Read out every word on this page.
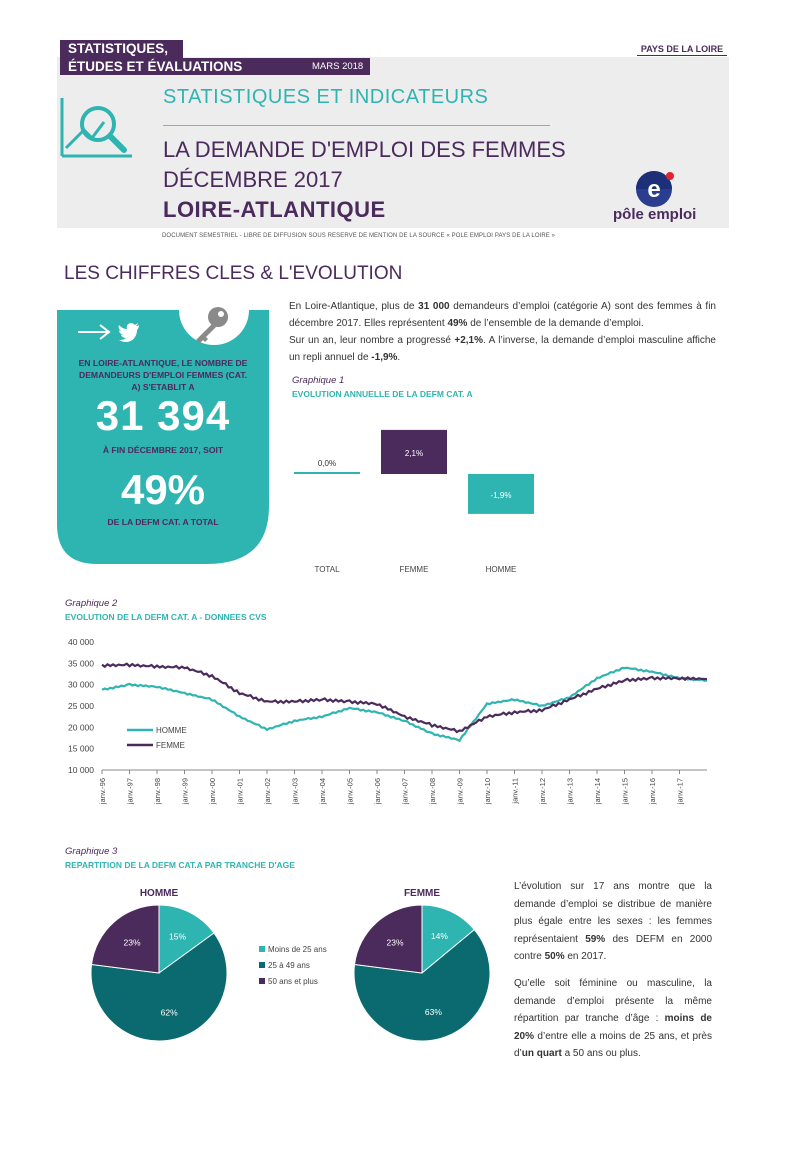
STATISTIQUES,
ÉTUDES ET ÉVALUATIONS	MARS 2018
PAYS DE LA LOIRE
STATISTIQUES ET INDICATEURS
LA DEMANDE D'EMPLOI DES FEMMES
DÉCEMBRE 2017
LOIRE-ATLANTIQUE
e
pôle emploi
DOCUMENT SEMESTRIEL - LIBRE DE DIFFUSION SOUS RESERVE DE MENTION DE LA SOURCE « POLE EMPLOI PAYS DE LA LOIRE »
LES CHIFFRES CLES & L'EVOLUTION
EN LOIRE-ATLANTIQUE, LE NOMBRE DE DEMANDEURS D'EMPLOI FEMMES (CAT. A) S'ETABLIT A
31 394
À FIN DÉCEMBRE 2017, SOIT
49%
DE LA DEFM CAT. A TOTAL
En Loire-Atlantique, plus de 31 000 demandeurs d’emploi (catégorie A) sont des femmes à fin décembre 2017. Elles représentent 49% de l’ensemble de la demande d’emploi.
Sur un an, leur nombre a progressé +2,1%. A l’inverse, la demande d’emploi masculine affiche un repli annuel de -1,9%.
Graphique 1
EVOLUTION ANNUELLE DE LA DEFM CAT. A
0,0%
TOTAL
2,1%
FEMME
-1,9%
HOMME
Graphique 2
EVOLUTION DE LA DEFM CAT. A - DONNEES CVS
10 000
15 000
20 000
25 000
30 000
35 000
40 000
janv.-96 janv.-97 janv.-98 janv.-99 janv.-00 janv.-01 janv.-02 janv.-03 janv.-04 janv.-05 janv.-06 janv.-07 janv.-08 janv.-09 janv.-10 janv.-11 janv.-12 janv.-13 janv.-14 janv.-15 janv.-16 janv.-17
HOMME
FEMME
Graphique 3
REPARTITION DE LA DEFM CAT.A PAR TRANCHE D'AGE
HOMME
15%
62%
23%
FEMME
14%
63%
23%
Moins de 25 ans
25 à 49 ans
50 ans et plus

L’évolution sur 17 ans montre que la demande d’emploi se distribue de manière plus égale entre les sexes : les femmes représentaient 59% des DEFM en 2000 contre 50% en 2017.

Qu’elle soit féminine ou masculine, la demande d’emploi présente la même répartition par tranche d’âge : moins de 20% d’entre elle a moins de 25 ans, et près d’un quart a 50 ans ou plus.
